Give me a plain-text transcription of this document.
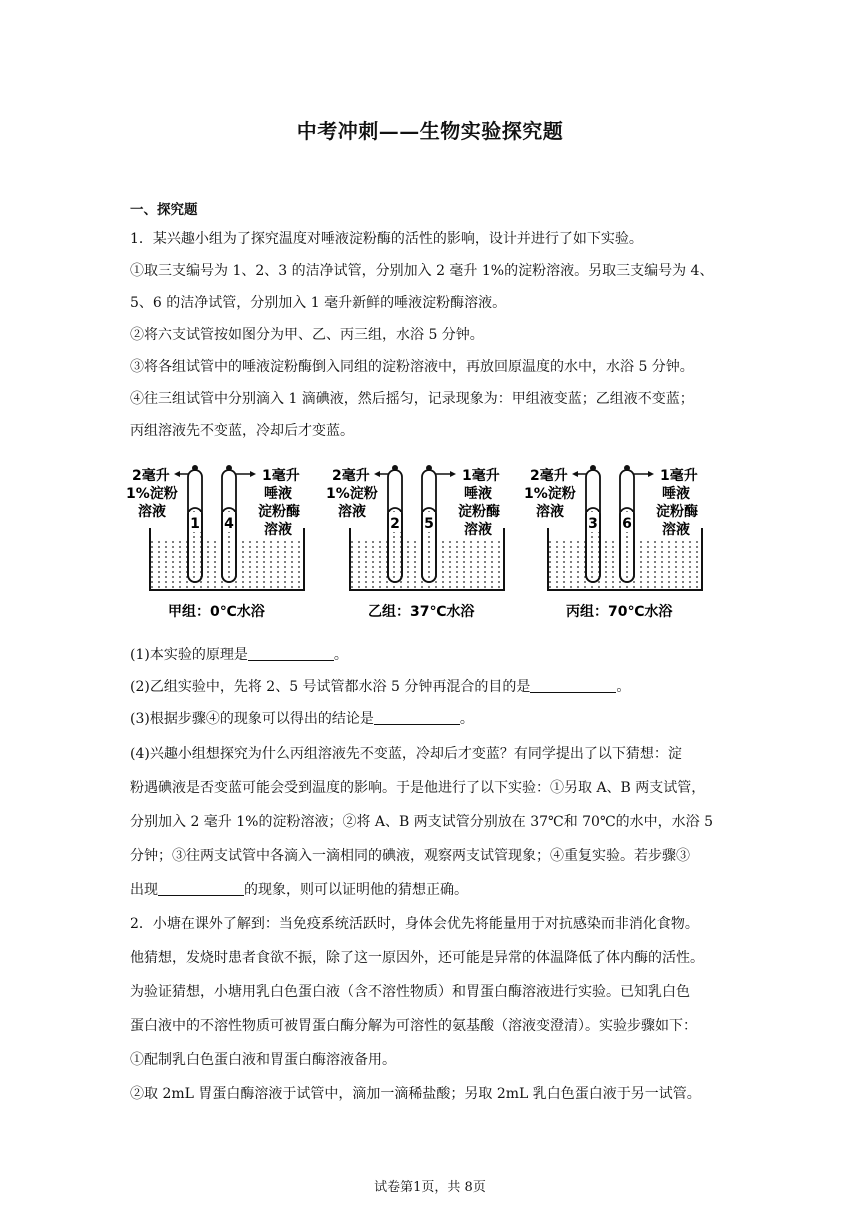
中考冲刺——生物实验探究题
一、探究题
1．某兴趣小组为了探究温度对唾液淀粉酶的活性的影响，设计并进行了如下实验。
①取三支编号为 1、2、3 的洁净试管，分别加入 2 毫升 1%的淀粉溶液。另取三支编号为 4、
5、6 的洁净试管，分别加入 1 毫升新鲜的唾液淀粉酶溶液。
②将六支试管按如图分为甲、乙、丙三组，水浴 5 分钟。
③将各组试管中的唾液淀粉酶倒入同组的淀粉溶液中，再放回原温度的水中，水浴 5 分钟。
④往三组试管中分别滴入 1 滴碘液，然后摇匀，记录现象为：甲组液变蓝；乙组液不变蓝；
丙组溶液先不变蓝，冷却后才变蓝。
2毫升
1%淀粉
溶液
1毫升
唾液
淀粉酶
溶液
1 4
甲组：0℃水浴
2毫升
1%淀粉
溶液
1毫升
唾液
淀粉酶
溶液
2 5
乙组：37℃水浴
2毫升
1%淀粉
溶液
1毫升
唾液
淀粉酶
溶液
3 6
丙组：70℃水浴
(1)本实验的原理是	。
(2)乙组实验中，先将 2、5 号试管都水浴 5 分钟再混合的目的是	。
(3)根据步骤④的现象可以得出的结论是	。
(4)兴趣小组想探究为什么丙组溶液先不变蓝，冷却后才变蓝？有同学提出了以下猜想：淀
粉遇碘液是否变蓝可能会受到温度的影响。于是他进行了以下实验：①另取 A、B 两支试管，
分别加入 2 毫升 1%的淀粉溶液；②将 A、B 两支试管分别放在 37℃和 70℃的水中，水浴 5
分钟；③往两支试管中各滴入一滴相同的碘液，观察两支试管现象；④重复实验。若步骤③
出现	的现象，则可以证明他的猜想正确。
2．小塘在课外了解到：当免疫系统活跃时，身体会优先将能量用于对抗感染而非消化食物。
他猜想，发烧时患者食欲不振，除了这一原因外，还可能是异常的体温降低了体内酶的活性。
为验证猜想，小塘用乳白色蛋白液（含不溶性物质）和胃蛋白酶溶液进行实验。已知乳白色
蛋白液中的不溶性物质可被胃蛋白酶分解为可溶性的氨基酸（溶液变澄清）。实验步骤如下：
①配制乳白色蛋白液和胃蛋白酶溶液备用。
②取 2mL 胃蛋白酶溶液于试管中，滴加一滴稀盐酸；另取 2mL 乳白色蛋白液于另一试管。
试卷第1页，共 8页
